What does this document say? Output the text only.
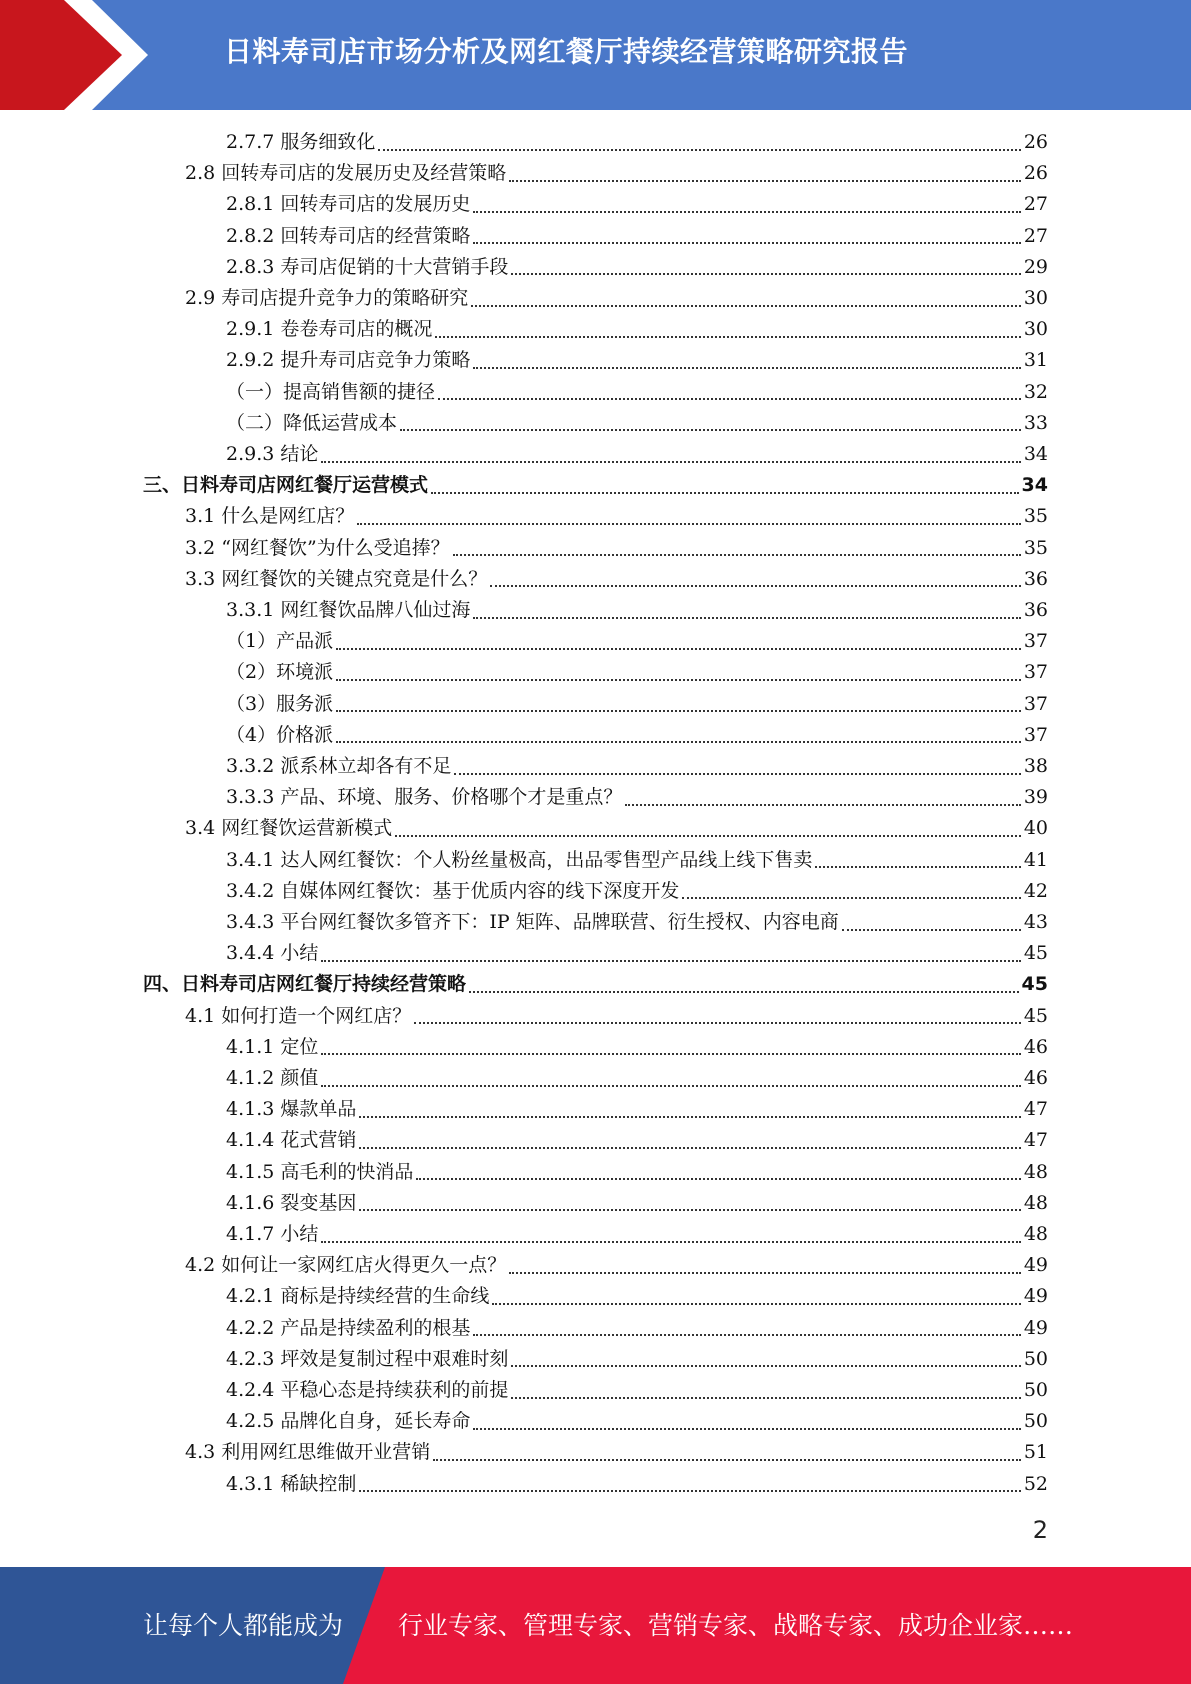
日料寿司店市场分析及网红餐厅持续经营策略研究报告
2.7.7 服务细致化	26
2.8 回转寿司店的发展历史及经营策略	26
2.8.1 回转寿司店的发展历史	27
2.8.2 回转寿司店的经营策略	27
2.8.3 寿司店促销的十大营销手段	29
2.9 寿司店提升竞争力的策略研究	30
2.9.1 卷卷寿司店的概况	30
2.9.2 提升寿司店竞争力策略	31
（一）提高销售额的捷径	32
（二）降低运营成本	33
2.9.3 结论	34
三、日料寿司店网红餐厅运营模式	34
3.1 什么是网红店？	35
3.2 “网红餐饮”为什么受追捧？	35
3.3 网红餐饮的关键点究竟是什么？	36
3.3.1 网红餐饮品牌八仙过海	36
（1）产品派	37
（2）环境派	37
（3）服务派	37
（4）价格派	37
3.3.2 派系林立却各有不足	38
3.3.3 产品、环境、服务、价格哪个才是重点？	39
3.4 网红餐饮运营新模式	40
3.4.1 达人网红餐饮：个人粉丝量极高，出品零售型产品线上线下售卖	41
3.4.2 自媒体网红餐饮：基于优质内容的线下深度开发	42
3.4.3 平台网红餐饮多管齐下：IP 矩阵、品牌联营、衍生授权、内容电商	43
3.4.4 小结	45
四、日料寿司店网红餐厅持续经营策略	45
4.1 如何打造一个网红店？	45
4.1.1 定位	46
4.1.2 颜值	46
4.1.3 爆款单品	47
4.1.4 花式营销	47
4.1.5 高毛利的快消品	48
4.1.6 裂变基因	48
4.1.7 小结	48
4.2 如何让一家网红店火得更久一点？	49
4.2.1 商标是持续经营的生命线	49
4.2.2 产品是持续盈利的根基	49
4.2.3 坪效是复制过程中艰难时刻	50
4.2.4 平稳心态是持续获利的前提	50
4.2.5 品牌化自身，延长寿命	50
4.3 利用网红思维做开业营销	51
4.3.1 稀缺控制	52
2
让每个人都能成为 行业专家、管理专家、营销专家、战略专家、成功企业家……
